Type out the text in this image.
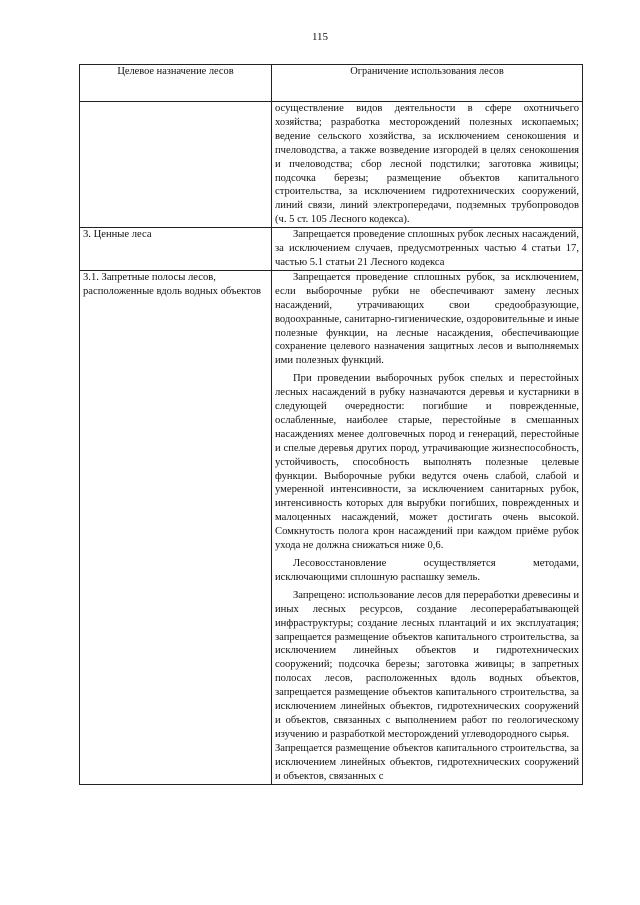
115
Целевое назначение лесов	Ограничение использования лесов

	осуществление видов деятельности в сфере охотничьего хозяйства; разработка месторождений полезных ископаемых; ведение сельского хозяйства, за исключением сенокошения и пчеловодства, а также возведение изгородей в целях сенокошения и пчеловодства; сбор лесной подстилки; заготовка живицы; подсочка березы; размещение объектов капитального строительства, за исключением гидротехнических сооружений, линий связи, линий электропередачи, подземных трубопроводов (ч. 5 ст. 105 Лесного кодекса).

3. Ценные леса	Запрещается проведение сплошных рубок лесных насаждений, за исключением случаев, предусмотренных частью 4 статьи 17, частью 5.1 статьи 21 Лесного кодекса

3.1. Запретные полосы лесов, расположенные вдоль водных объектов	Запрещается проведение сплошных рубок, за исключением, если выборочные рубки не обеспечивают замену лесных насаждений, утрачивающих свои средообразующие, водоохранные, санитарно-гигиенические, оздоровительные и иные полезные функции, на лесные насаждения, обеспечивающие сохранение целевого назначения защитных лесов и выполняемых ими полезных функций.

При проведении выборочных рубок спелых и перестойных лесных насаждений в рубку назначаются деревья и кустарники в следующей очередности: погибшие и поврежденные, ослабленные, наиболее старые, перестойные в смешанных насаждениях менее долговечных пород и генераций, перестойные и спелые деревья других пород, утрачивающие жизнеспособность, устойчивость, способность выполнять полезные целевые функции. Выборочные рубки ведутся очень слабой, слабой и умеренной интенсивности, за исключением санитарных рубок, интенсивность которых для вырубки погибших, поврежденных и малоценных насаждений, может достигать очень высокой. Сомкнутость полога крон насаждений при каждом приёме рубок ухода не должна снижаться ниже 0,6.

Лесовосстановление осуществляется методами, исключающими сплошную распашку земель.

Запрещено: использование лесов для переработки древесины и иных лесных ресурсов, создание лесоперерабатывающей инфраструктуры; создание лесных плантаций и их эксплуатация; запрещается размещение объектов капитального строительства, за исключением линейных объектов и гидротехнических сооружений; подсочка березы; заготовка живицы; в запретных полосах лесов, расположенных вдоль водных объектов, запрещается размещение объектов капитального строительства, за исключением линейных объектов, гидротехнических сооружений и объектов, связанных с выполнением работ по геологическому изучению и разработкой месторождений углеводородного сырья.

Запрещается размещение объектов капитального строительства, за исключением линейных объектов, гидротехнических сооружений и объектов, связанных с
